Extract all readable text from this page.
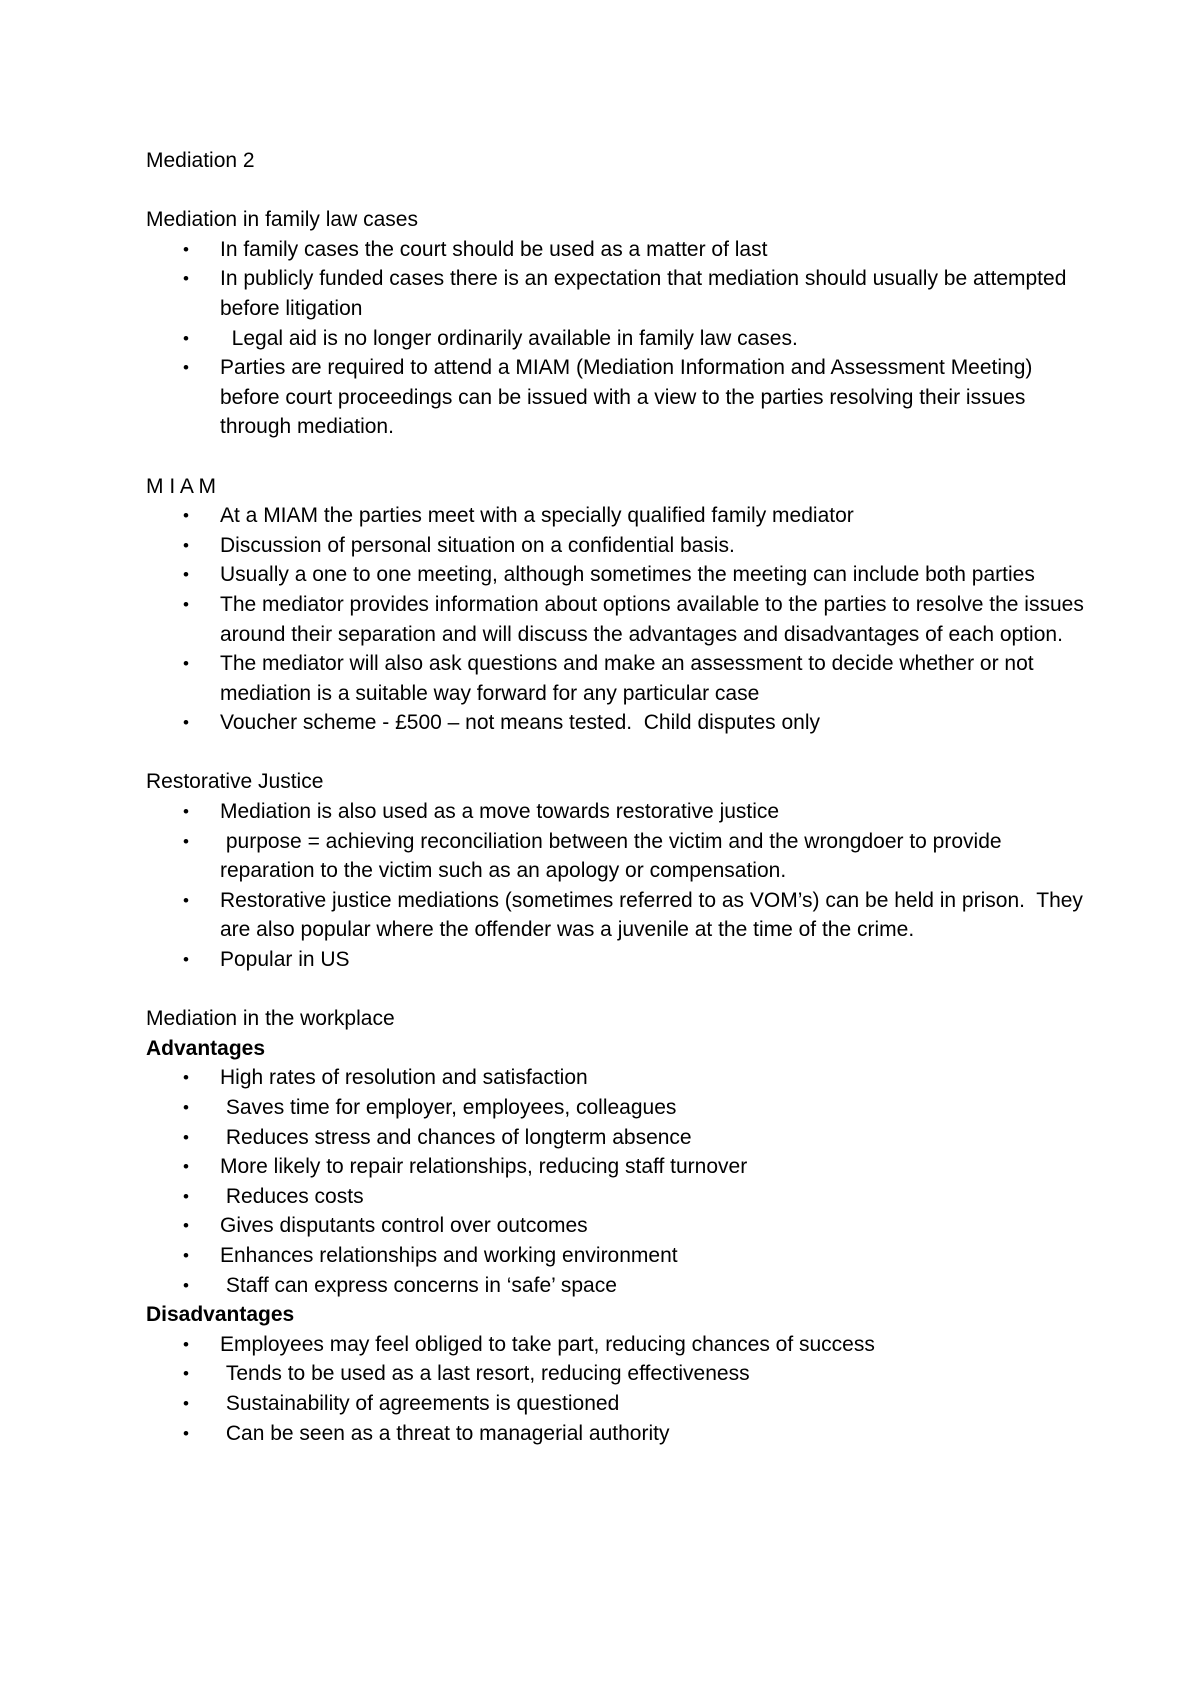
Mediation 2
Mediation in family law cases
• In family cases the court should be used as a matter of last
• In publicly funded cases there is an expectation that mediation should usually be attempted before litigation
• Legal aid is no longer ordinarily available in family law cases.
• Parties are required to attend a MIAM (Mediation Information and Assessment Meeting) before court proceedings can be issued with a view to the parties resolving their issues through mediation.
M I A M
• At a MIAM the parties meet with a specially qualified family mediator
• Discussion of personal situation on a confidential basis.
• Usually a one to one meeting, although sometimes the meeting can include both parties
• The mediator provides information about options available to the parties to resolve the issues around their separation and will discuss the advantages and disadvantages of each option.
• The mediator will also ask questions and make an assessment to decide whether or not mediation is a suitable way forward for any particular case
• Voucher scheme - £500 – not means tested.  Child disputes only
Restorative Justice
• Mediation is also used as a move towards restorative justice
• purpose = achieving reconciliation between the victim and the wrongdoer to provide reparation to the victim such as an apology or compensation.
• Restorative justice mediations (sometimes referred to as VOM’s) can be held in prison.  They are also popular where the offender was a juvenile at the time of the crime.
• Popular in US
Mediation in the workplace
Advantages
• High rates of resolution and satisfaction
• Saves time for employer, employees, colleagues
• Reduces stress and chances of longterm absence
• More likely to repair relationships, reducing staff turnover
• Reduces costs
• Gives disputants control over outcomes
• Enhances relationships and working environment
• Staff can express concerns in ‘safe’ space
Disadvantages
• Employees may feel obliged to take part, reducing chances of success
• Tends to be used as a last resort, reducing effectiveness
• Sustainability of agreements is questioned
• Can be seen as a threat to managerial authority
